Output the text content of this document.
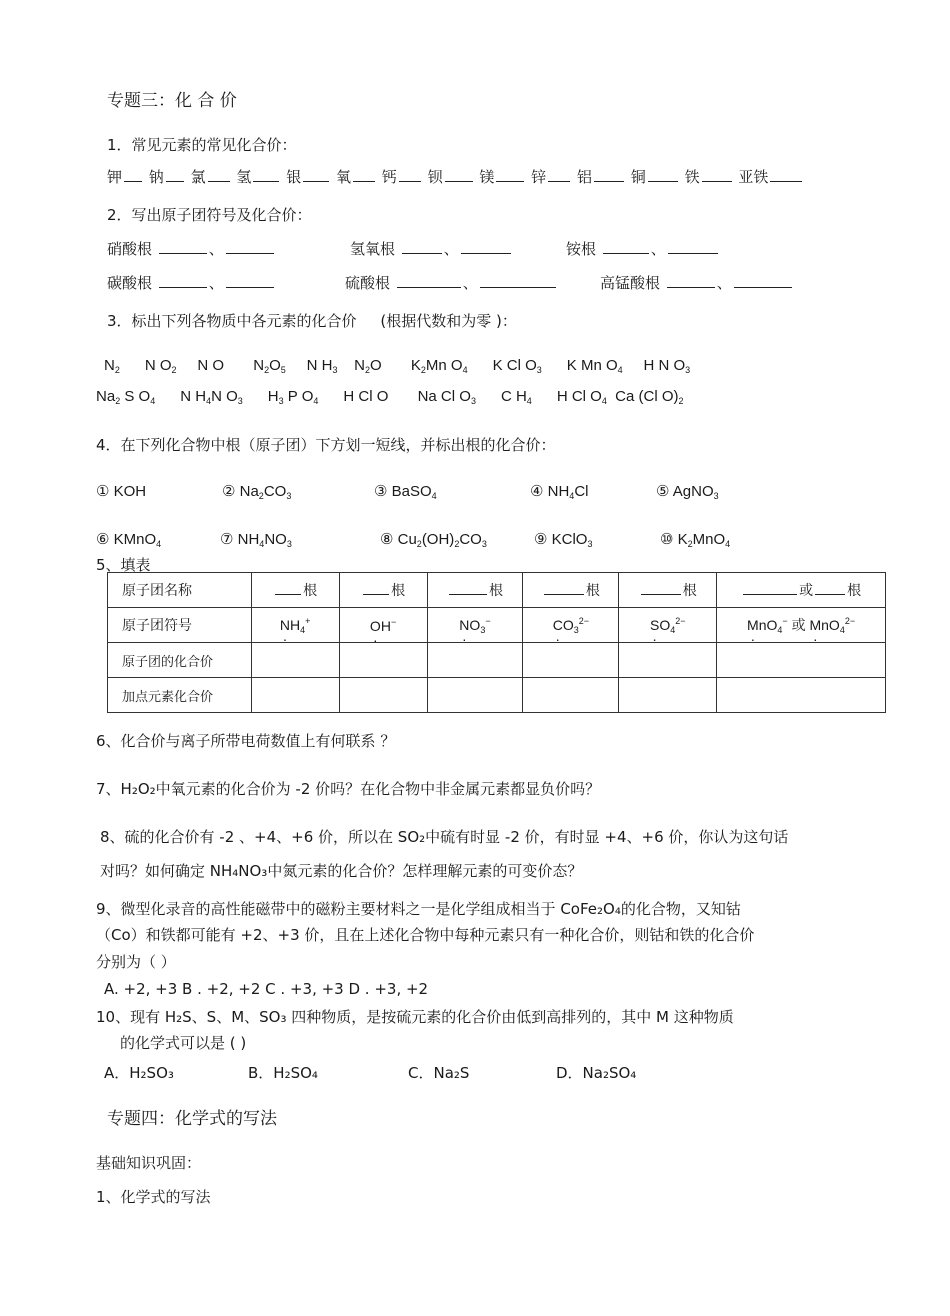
专题三：化 合 价
1．常见元素的常见化合价：
钾 钠 氯 氢 银 氧 钙 钡 镁 锌 铝	铜	铁	亚铁
2．写出原子团符号及化合价：
硝酸根	、	氢氧根	、	铵根	、
碳酸根	、	硫酸根	、	高锰酸根	、
3．标出下列各物质中各元素的化合价 (根据代数和为零 )：
$N_2$      N $O_2$     N O       $N_2O_5$     N $H_3$    $N_2O$       $K_2Mn$ $O_4$      K Cl $O_3$      K Mn $O_4$     H N $O_3$
$Na_2$ S $O_4$      N $H_4N$ $O_3$      $H_3$ P $O_4$      H Cl O       Na Cl $O_3$      C $H_4$      H Cl $O_4$  Ca (Cl $O)_2$
4．在下列化合物中根（原子团）下方划一短线，并标出根的化合价：
① KOH	② $Na_2CO_3$	③ BaSO$_4$	④ $NH_4Cl$	⑤ AgNO$_3$
⑥ KMnO$_4$	⑦ $NH_4NO_3$	⑧ $Cu_2(OH)_2CO_3$	⑨ KClO$_3$	⑩ $K_2MnO_4$
5、填表
原子团名称	根	根	根	根	根	或 根
原子团符号	$N \cdot H_4^+$	O ·H−	$N \cdot O_3^-$	$C \cdot O_3^{2-}$	$S \cdot O_4^{2-}$	$M \cdot nO_4^-$ 或 $M \cdot nO_4^{2-}$
原子团的化合价						
加点元素化合价						
6、化合价与离子所带电荷数值上有何联系 ？
7、H₂O₂中氧元素的化合价为 -2 价吗？在化合物中非金属元素都显负价吗？
8、硫的化合价有 -2 、+4、+6 价，所以在 SO₂中硫有时显 -2 价，有时显 +4、+6 价，你认为这句话
对吗？如何确定 NH₄NO₃中氮元素的化合价？怎样理解元素的可变价态？
9、微型化录音的高性能磁带中的磁粉主要材料之一是化学组成相当于 CoFe₂O₄的化合物，又知钴
（Co）和铁都可能有 +2、+3 价，且在上述化合物中每种元素只有一种化合价，则钴和铁的化合价
分别为（ ）
A. +2, +3 B . +2, +2 C . +3, +3 D . +3, +2
10、现有 H₂S、S、M、SO₃ 四种物质，是按硫元素的化合价由低到高排列的，其中 M 这种物质
的化学式可以是 ( )
A．H₂SO₃	B．H₂SO₄	C．Na₂S	D．Na₂SO₄
专题四：化学式的写法
基础知识巩固：
1、化学式的写法
